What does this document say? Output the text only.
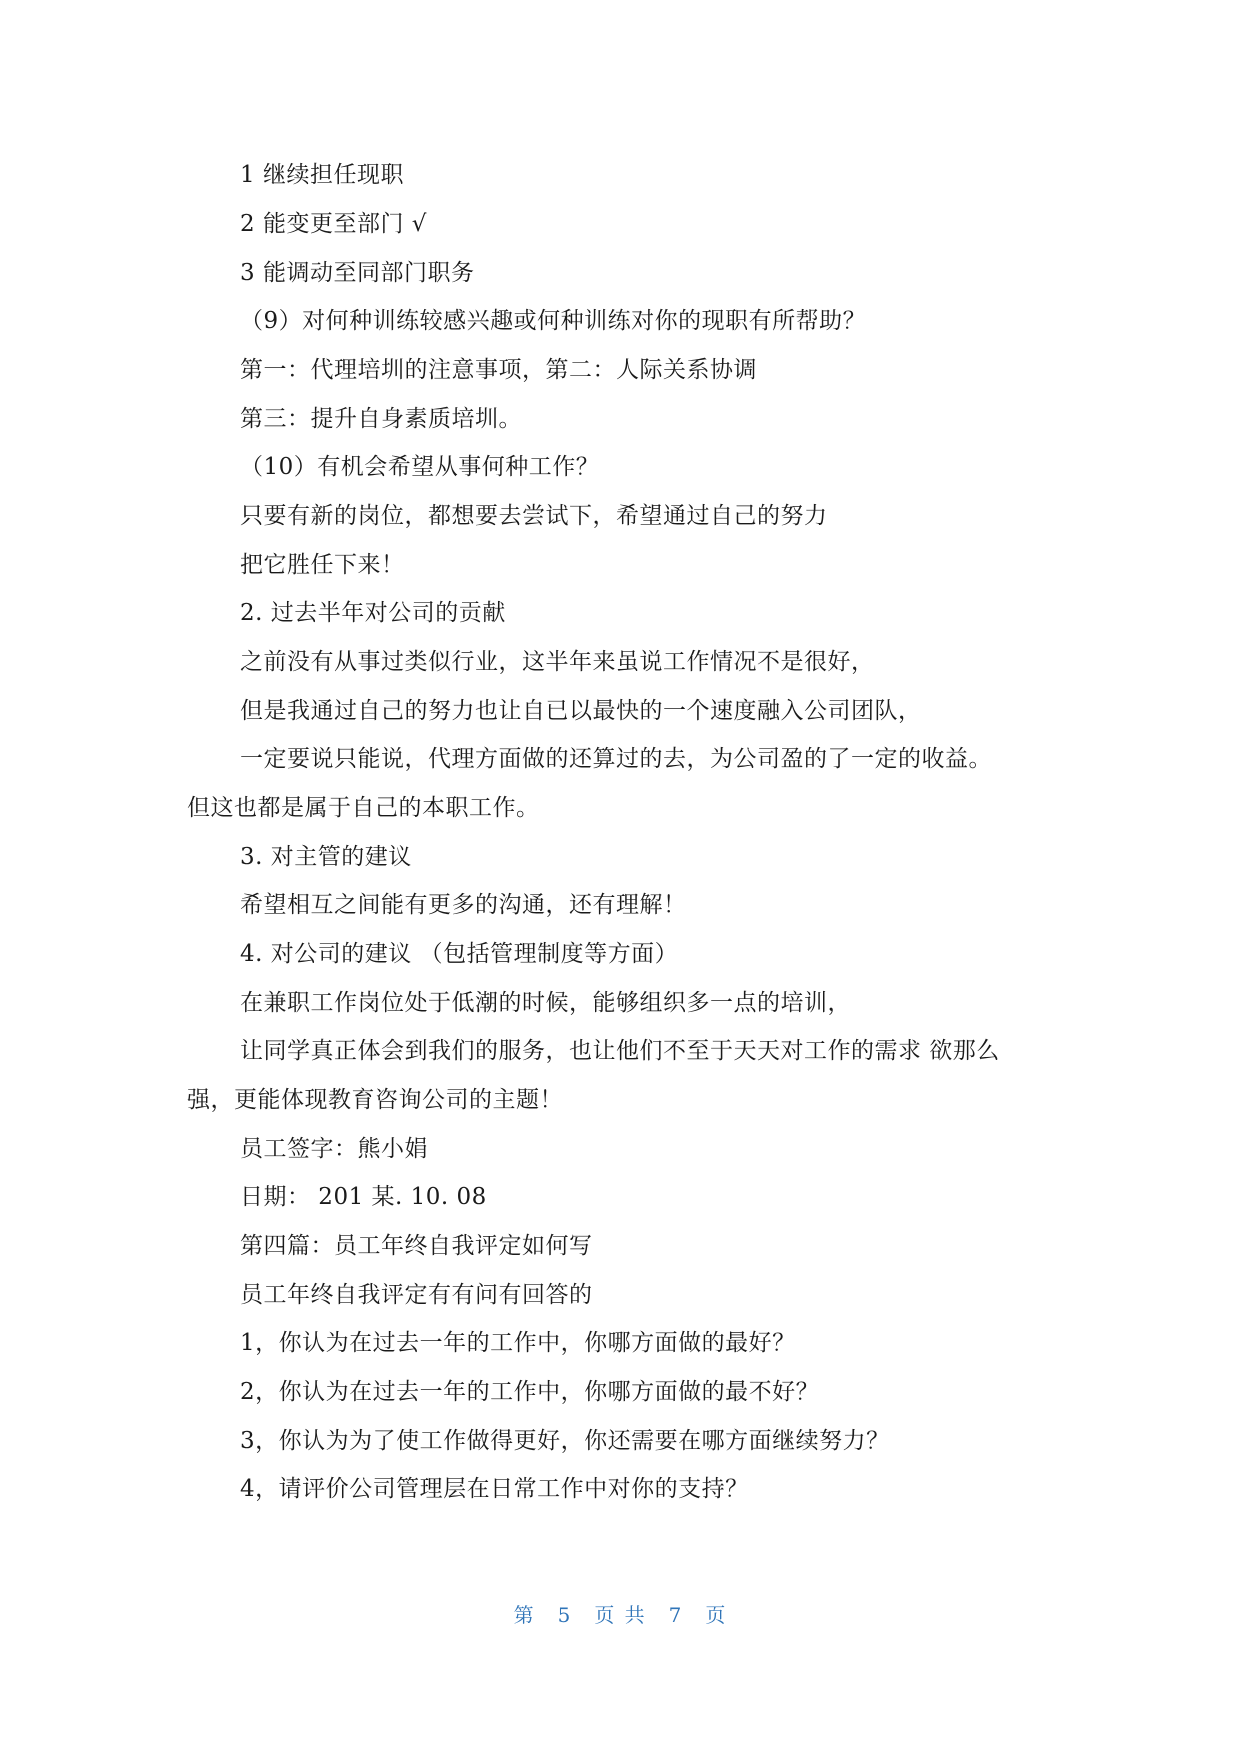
1 继续担任现职
2 能变更至部门 √
3 能调动至同部门职务
（9）对何种训练较感兴趣或何种训练对你的现职有所帮助？
第一：代理培圳的注意事项，第二：人际关系协调
第三：提升自身素质培圳。
（10）有机会希望从事何种工作？
只要有新的岗位，都想要去尝试下，希望通过自己的努力
把它胜任下来！
2. 过去半年对公司的贡献
之前没有从事过类似行业，这半年来虽说工作情况不是很好，
但是我通过自己的努力也让自已以最快的一个速度融入公司团队，
一定要说只能说，代理方面做的还算过的去，为公司盈的了一定的收益。
但这也都是属于自己的本职工作。
3. 对主管的建议
希望相互之间能有更多的沟通，还有理解！
4. 对公司的建议 （包括管理制度等方面）
在兼职工作岗位处于低潮的时候，能够组织多一点的培训，
让同学真正体会到我们的服务，也让他们不至于天天对工作的需求 欲那么
强，更能体现教育咨询公司的主题！
员工签字：熊小娟
日期： 201 某. 10. 08
第四篇：员工年终自我评定如何写
员工年终自我评定有有问有回答的
1，你认为在过去一年的工作中，你哪方面做的最好？
2，你认为在过去一年的工作中，你哪方面做的最不好？
3，你认为为了使工作做得更好，你还需要在哪方面继续努力？
4，请评价公司管理层在日常工作中对你的支持？
第 5 页 共 7 页
